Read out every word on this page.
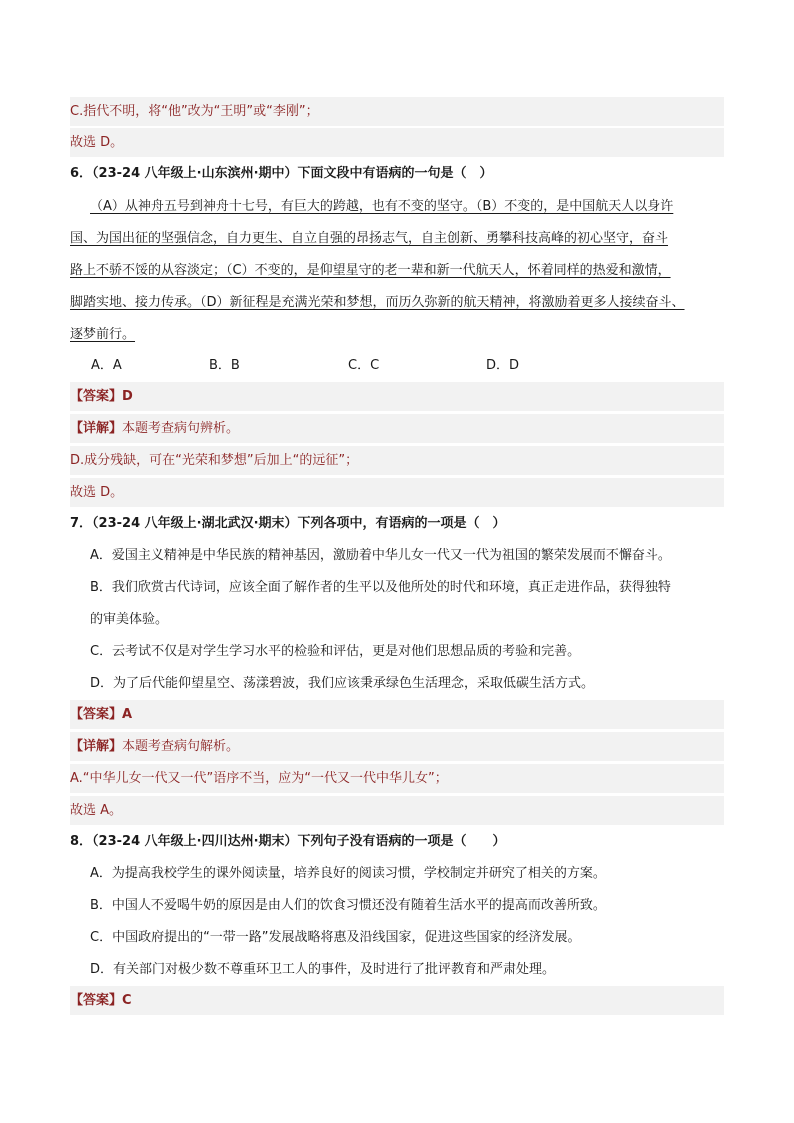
C.指代不明，将“他”改为“王明”或“李刚”；
故选 D。
6．（23-24 八年级上·山东滨州·期中）下面文段中有语病的一句是（　）
（A）从神舟五号到神舟十七号，有巨大的跨越，也有不变的坚守。（B）不变的，是中国航天人以身许
国、为国出征的坚强信念，自力更生、自立自强的昂扬志气，自主创新、勇攀科技高峰的初心坚守，奋斗
路上不骄不馁的从容淡定；（C）不变的，是仰望星守的老一辈和新一代航天人，怀着同样的热爱和激情，
脚踏实地、接力传承。（D）新征程是充满光荣和梦想，而历久弥新的航天精神，将激励着更多人接续奋斗、
逐梦前行。
A．A	B．B	C．C	D．D
【答案】D
【详解】本题考查病句辨析。
D.成分残缺，可在“光荣和梦想”后加上“的远征”；
故选 D。
7．（23-24 八年级上·湖北武汉·期末）下列各项中，有语病的一项是（　）
A．爱国主义精神是中华民族的精神基因，激励着中华儿女一代又一代为祖国的繁荣发展而不懈奋斗。
B．我们欣赏古代诗词，应该全面了解作者的生平以及他所处的时代和环境，真正走进作品，获得独特
的审美体验。
C．云考试不仅是对学生学习水平的检验和评估，更是对他们思想品质的考验和完善。
D．为了后代能仰望星空、荡漾碧波，我们应该秉承绿色生活理念，采取低碳生活方式。
【答案】A
【详解】本题考查病句解析。
A.“中华儿女一代又一代”语序不当，应为“一代又一代中华儿女”；
故选 A。
8．（23-24 八年级上·四川达州·期末）下列句子没有语病的一项是（　　）
A．为提高我校学生的课外阅读量，培养良好的阅读习惯，学校制定并研究了相关的方案。
B．中国人不爱喝牛奶的原因是由人们的饮食习惯还没有随着生活水平的提高而改善所致。
C．中国政府提出的“一带一路”发展战略将惠及沿线国家，促进这些国家的经济发展。
D．有关部门对极少数不尊重环卫工人的事件，及时进行了批评教育和严肃处理。
【答案】C
